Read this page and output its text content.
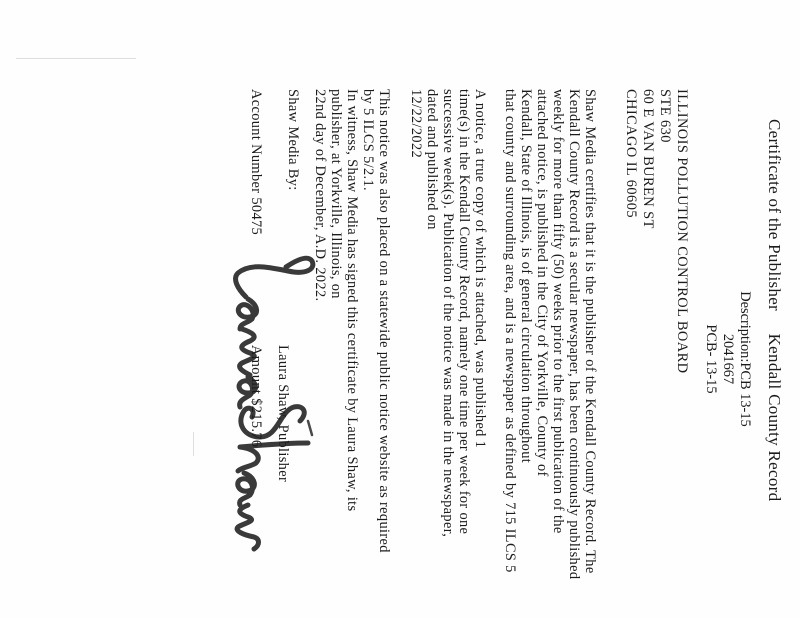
Certificate of the Publisher
Kendall County Record
Description:PCB 13-15
2041667
PCB- 13-15
ILLINOIS POLLUTION CONTROL BOARD
STE 630
60 E VAN BUREN ST
CHICAGO IL 60605
Shaw Media certifies that it is the publisher of the Kendall County Record. The
Kendall County Record is a secular newspaper, has been continuously published
weekly for more than fifty (50) weeks prior to the first publication of the
attached notice, is published in the City of Yorkville, County of
Kendall, State of Illinois, is of general circulation throughout
that county and surrounding area, and is a newspaper as defined by 715 ILCS 5
A notice, a true copy of which is attached, was published 1
time(s) in the Kendall County Record, namely one time per week for one
successive week(s). Publication of the notice was made in the newspaper,
dated and published on
12/22/2022
This notice was also placed on a statewide public notice website as required
by 5 ILCS 5/2.1.
In witness, Shaw Media has signed this certificate by Laura Shaw, its
publisher, at Yorkville, Illinois, on
22nd day of December, A.D. 2022.
Shaw Media By:
Laura Shaw, Publisher
Account Number 50475
Amount $215.76
